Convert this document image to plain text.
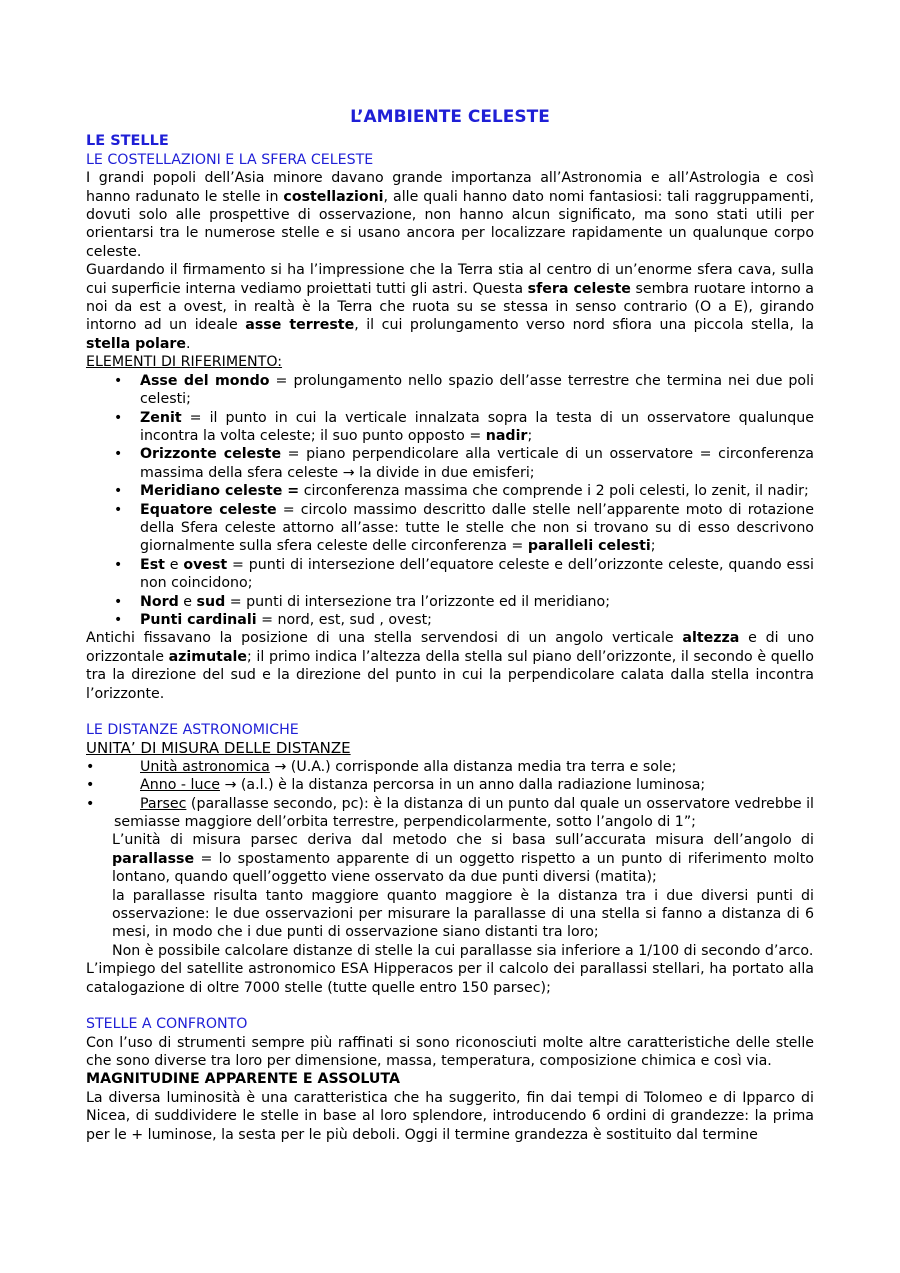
L’AMBIENTE CELESTE
LE STELLE
LE COSTELLAZIONI E LA SFERA CELESTE
I grandi popoli dell’Asia minore davano grande importanza all’Astronomia e all’Astrologia e così hanno radunato le stelle in costellazioni, alle quali hanno dato nomi fantasiosi: tali raggruppamenti, dovuti solo alle prospettive di osservazione, non hanno alcun significato, ma sono stati utili per orientarsi tra le numerose stelle e si usano ancora per localizzare rapidamente un qualunque corpo celeste.
Guardando il firmamento si ha l’impressione che la Terra stia al centro di un’enorme sfera cava, sulla cui superficie interna vediamo proiettati tutti gli astri. Questa sfera celeste sembra ruotare intorno a noi da est a ovest, in realtà è la Terra che ruota su se stessa in senso contrario (O a E), girando intorno ad un ideale asse terreste, il cui prolungamento verso nord sfiora una piccola stella, la stella polare.
ELEMENTI DI RIFERIMENTO:
• Asse del mondo = prolungamento nello spazio dell’asse terrestre che termina nei due poli celesti;
• Zenit = il punto in cui la verticale innalzata sopra la testa di un osservatore qualunque incontra la volta celeste; il suo punto opposto = nadir;
• Orizzonte celeste = piano perpendicolare alla verticale di un osservatore = circonferenza massima della sfera celeste → la divide in due emisferi;
• Meridiano celeste = circonferenza massima che comprende i 2 poli celesti, lo zenit, il nadir;
• Equatore celeste = circolo massimo descritto dalle stelle nell’apparente moto di rotazione della Sfera celeste attorno all’asse: tutte le stelle che non si trovano su di esso descrivono giornalmente sulla sfera celeste delle circonferenza = paralleli celesti;
• Est e ovest = punti di intersezione dell’equatore celeste e dell’orizzonte celeste, quando essi non coincidono;
• Nord e sud = punti di intersezione tra l’orizzonte ed il meridiano;
• Punti cardinali = nord, est, sud , ovest;
Antichi fissavano la posizione di una stella servendosi di un angolo verticale altezza e di uno orizzontale azimutale; il primo indica l’altezza della stella sul piano dell’orizzonte, il secondo è quello tra la direzione del sud e la direzione del punto in cui la perpendicolare calata dalla stella incontra l’orizzonte.
LE DISTANZE ASTRONOMICHE
UNITA’ DI MISURA DELLE DISTANZE
• Unità astronomica → (U.A.) corrisponde alla distanza media tra terra e sole;
• Anno - luce → (a.l.) è la distanza percorsa in un anno dalla radiazione luminosa;
• Parsec (parallasse secondo, pc): è la distanza di un punto dal quale un osservatore vedrebbe il semiasse maggiore dell’orbita terrestre, perpendicolarmente, sotto l’angolo di 1”;
L’unità di misura parsec deriva dal metodo che si basa sull’accurata misura dell’angolo di parallasse = lo spostamento apparente di un oggetto rispetto a un punto di riferimento molto lontano, quando quell’oggetto viene osservato da due punti diversi (matita);
la parallasse risulta tanto maggiore quanto maggiore è la distanza tra i due diversi punti di osservazione: le due osservazioni per misurare la parallasse di una stella si fanno a distanza di 6 mesi, in modo che i due punti di osservazione siano distanti tra loro;
Non è possibile calcolare distanze di stelle la cui parallasse sia inferiore a 1/100 di secondo d’arco.
L’impiego del satellite astronomico ESA Hipperacos per il calcolo dei parallassi stellari, ha portato alla catalogazione di oltre 7000 stelle (tutte quelle entro 150 parsec);
STELLE A CONFRONTO
Con l’uso di strumenti sempre più raffinati si sono riconosciuti molte altre caratteristiche delle stelle che sono diverse tra loro per dimensione, massa, temperatura, composizione chimica e così via.
MAGNITUDINE APPARENTE E ASSOLUTA
La diversa luminosità è una caratteristica che ha suggerito, fin dai tempi di Tolomeo e di Ipparco di Nicea, di suddividere le stelle in base al loro splendore, introducendo 6 ordini di grandezze: la prima per le + luminose, la sesta per le più deboli. Oggi il termine grandezza è sostituito dal termine
